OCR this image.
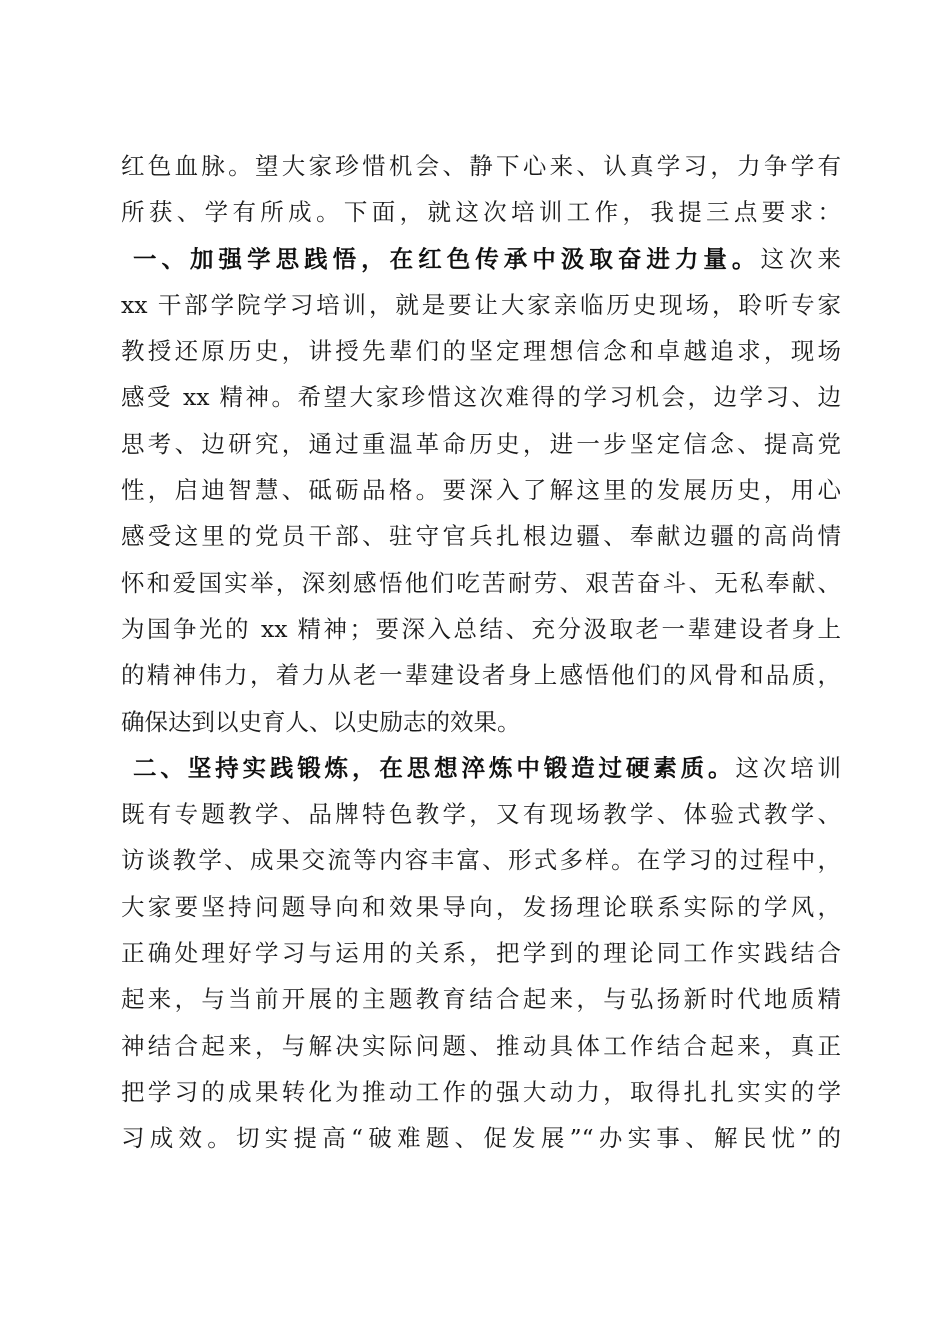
红色血脉。望大家珍惜机会、静下心来、认真学习，力争学有
所获、学有所成。下面，就这次培训工作，我提三点要求：
一、加强学思践悟，在红色传承中汲取奋进力量。这次来
xx 干部学院学习培训，就是要让大家亲临历史现场，聆听专家
教授还原历史，讲授先辈们的坚定理想信念和卓越追求，现场
感受 xx 精神。希望大家珍惜这次难得的学习机会，边学习、边
思考、边研究，通过重温革命历史，进一步坚定信念、提高党
性，启迪智慧、砥砺品格。要深入了解这里的发展历史，用心
感受这里的党员干部、驻守官兵扎根边疆、奉献边疆的高尚情
怀和爱国实举，深刻感悟他们吃苦耐劳、艰苦奋斗、无私奉献、
为国争光的 xx 精神；要深入总结、充分汲取老一辈建设者身上
的精神伟力，着力从老一辈建设者身上感悟他们的风骨和品质，
确保达到以史育人、以史励志的效果。
二、坚持实践锻炼，在思想淬炼中锻造过硬素质。这次培训
既有专题教学、品牌特色教学，又有现场教学、体验式教学、
访谈教学、成果交流等内容丰富、形式多样。在学习的过程中，
大家要坚持问题导向和效果导向，发扬理论联系实际的学风，
正确处理好学习与运用的关系，把学到的理论同工作实践结合
起来，与当前开展的主题教育结合起来，与弘扬新时代地质精
神结合起来，与解决实际问题、推动具体工作结合起来，真正
把学习的成果转化为推动工作的强大动力，取得扎扎实实的学
习成效。切实提高“破难题、促发展”“办实事、解民忧”的
